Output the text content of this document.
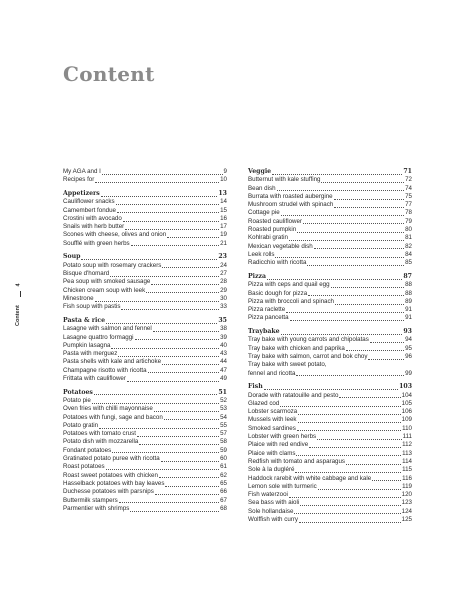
Content
4
Content
My AGA and I	9
Recipes for	10
Appetizers	13
Cauliflower snacks	14
Camembert fondue	15
Crostini with avocado	16
Snails with herb butter	17
Scones with cheese, olives and onion	19
Soufflé with green herbs	21
Soup	23
Potato soup with rosemary crackers	24
Bisque d'homard	27
Pea soup with smoked sausage	28
Chicken cream soup with leek	29
Minestrone	30
Fish soup with pastis	33
Pasta & rice	35
Lasagne with salmon and fennel	38
Lasagne quattro formaggi	39
Pumpkin lasagna	40
Pasta with merguez	43
Pasta shells with kale and artichoke	44
Champagne risotto with ricotta	47
Frittata with cauliflower	49
Potatoes	51
Potato pie	52
Oven fries with chilli mayonnaise	53
Potatoes with fungi, sage and bacon	54
Potato gratin	55
Potatoes with tomato crust	57
Potato dish with mozzarella	58
Fondant potatoes	59
Gratinated potato puree with ricotta	60
Roast potatoes	61
Roast sweet potatoes with chicken	62
Hasselback potatoes with bay leaves	65
Duchesse potatoes with parsnips	66
Buttermilk stampers	67
Parmentier with shrimps	68
Veggie	71
Butternut with kale stuffing	72
Bean dish	74
Burrata with roasted aubergine	75
Mushroom strudel with spinach	77
Cottage pie	78
Roasted cauliflower	79
Roasted pumpkin	80
Kohlrabi gratin	81
Mexican vegetable dish	82
Leek rolls	84
Radicchio with ricotta	85
Pizza	87
Pizza with ceps and quail egg	88
Basic dough for pizza	88
Pizza with broccoli and spinach	89
Pizza raclette	91
Pizza pancetta	91
Traybake	93
Tray bake with young carrots and chipolatas	94
Tray bake with chicken and paprika	95
Tray bake with salmon, carrot and bok choy	96
Tray bake with sweet potato,
fennel and ricotta	99
Fish	103
Dorade with ratatouille and pesto	104
Glazed cod	105
Lobster scarmoza	106
Mussels with leek	109
Smoked sardines	110
Lobster with green herbs	111
Plaice with red endive	112
Plaice with clams	113
Redfish with tomato and asparagus	114
Sole à la dugléré	115
Haddock rarebit with white cabbage and kale	116
Lemon sole with turmeric	119
Fish waterzooi	120
Sea bass with aioli	123
Sole hollandaise	124
Wolffish with curry	125
